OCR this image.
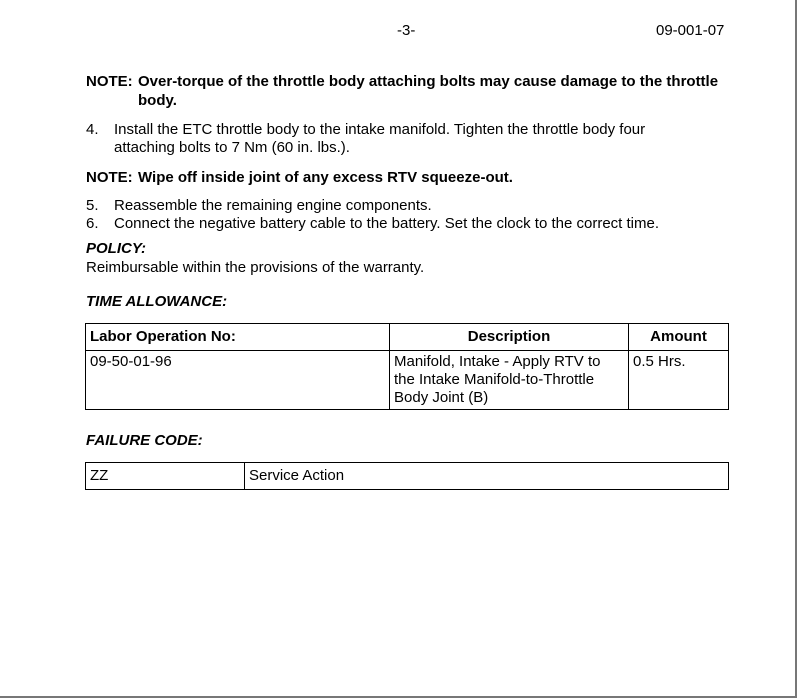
-3-	09-001-07
NOTE: Over-torque of the throttle body attaching bolts may cause damage to the throttle body.
4. Install the ETC throttle body to the intake manifold. Tighten the throttle body four attaching bolts to 7 Nm (60 in. lbs.).
NOTE: Wipe off inside joint of any excess RTV squeeze-out.
5. Reassemble the remaining engine components.
6. Connect the negative battery cable to the battery. Set the clock to the correct time.
POLICY:
Reimbursable within the provisions of the warranty.
TIME ALLOWANCE:
Labor Operation No:	Description	Amount
09-50-01-96	Manifold, Intake - Apply RTV to the Intake Manifold-to-Throttle Body Joint (B)	0.5 Hrs.
FAILURE CODE:
ZZ	Service Action
